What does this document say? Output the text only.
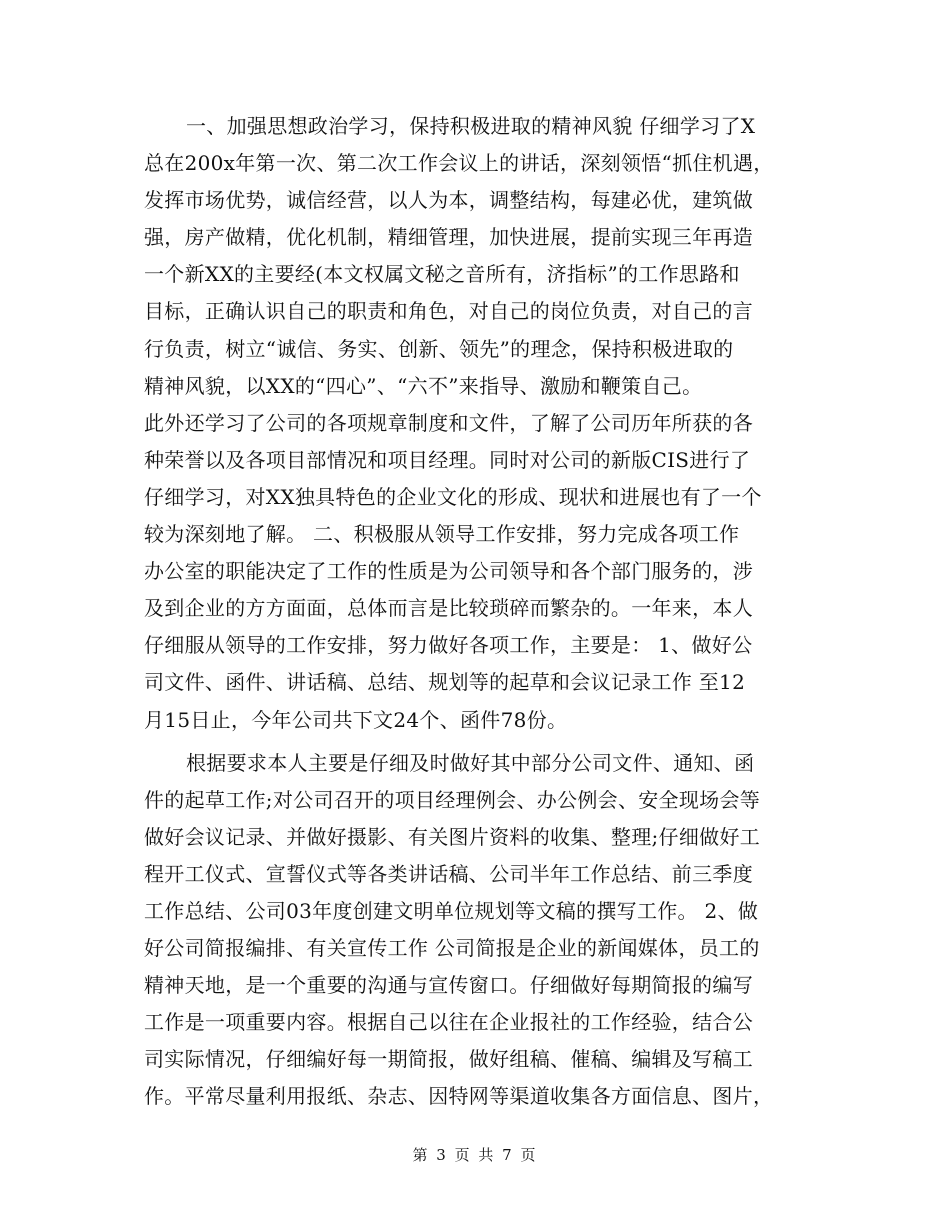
一、加强思想政治学习，保持积极进取的精神风貌 仔细学习了X
总在200x年第一次、第二次工作会议上的讲话，深刻领悟“抓住机遇，
发挥市场优势，诚信经营，以人为本，调整结构，每建必优，建筑做
强，房产做精，优化机制，精细管理，加快进展，提前实现三年再造
一个新XX的主要经(本文权属文秘之音所有，济指标”的工作思路和
目标，正确认识自己的职责和角色，对自己的岗位负责，对自己的言
行负责，树立“诚信、务实、创新、领先”的理念，保持积极进取的
精神风貌，以XX的“四心”、“六不”来指导、激励和鞭策自己。
此外还学习了公司的各项规章制度和文件，了解了公司历年所获的各
种荣誉以及各项目部情况和项目经理。同时对公司的新版CIS进行了
仔细学习，对XX独具特色的企业文化的形成、现状和进展也有了一个
较为深刻地了解。 二、积极服从领导工作安排，努力完成各项工作
办公室的职能决定了工作的性质是为公司领导和各个部门服务的，涉
及到企业的方方面面，总体而言是比较琐碎而繁杂的。一年来，本人
仔细服从领导的工作安排，努力做好各项工作，主要是： 1、做好公
司文件、函件、讲话稿、总结、规划等的起草和会议记录工作 至12
月15日止，今年公司共下文24个、函件78份。
根据要求本人主要是仔细及时做好其中部分公司文件、通知、函
件的起草工作;对公司召开的项目经理例会、办公例会、安全现场会等
做好会议记录、并做好摄影、有关图片资料的收集、整理;仔细做好工
程开工仪式、宣誓仪式等各类讲话稿、公司半年工作总结、前三季度
工作总结、公司03年度创建文明单位规划等文稿的撰写工作。 2、做
好公司简报编排、有关宣传工作 公司简报是企业的新闻媒体，员工的
精神天地，是一个重要的沟通与宣传窗口。仔细做好每期简报的编写
工作是一项重要内容。根据自己以往在企业报社的工作经验，结合公
司实际情况，仔细编好每一期简报，做好组稿、催稿、编辑及写稿工
作。平常尽量利用报纸、杂志、因特网等渠道收集各方面信息、图片，
第 3 页 共 7 页
